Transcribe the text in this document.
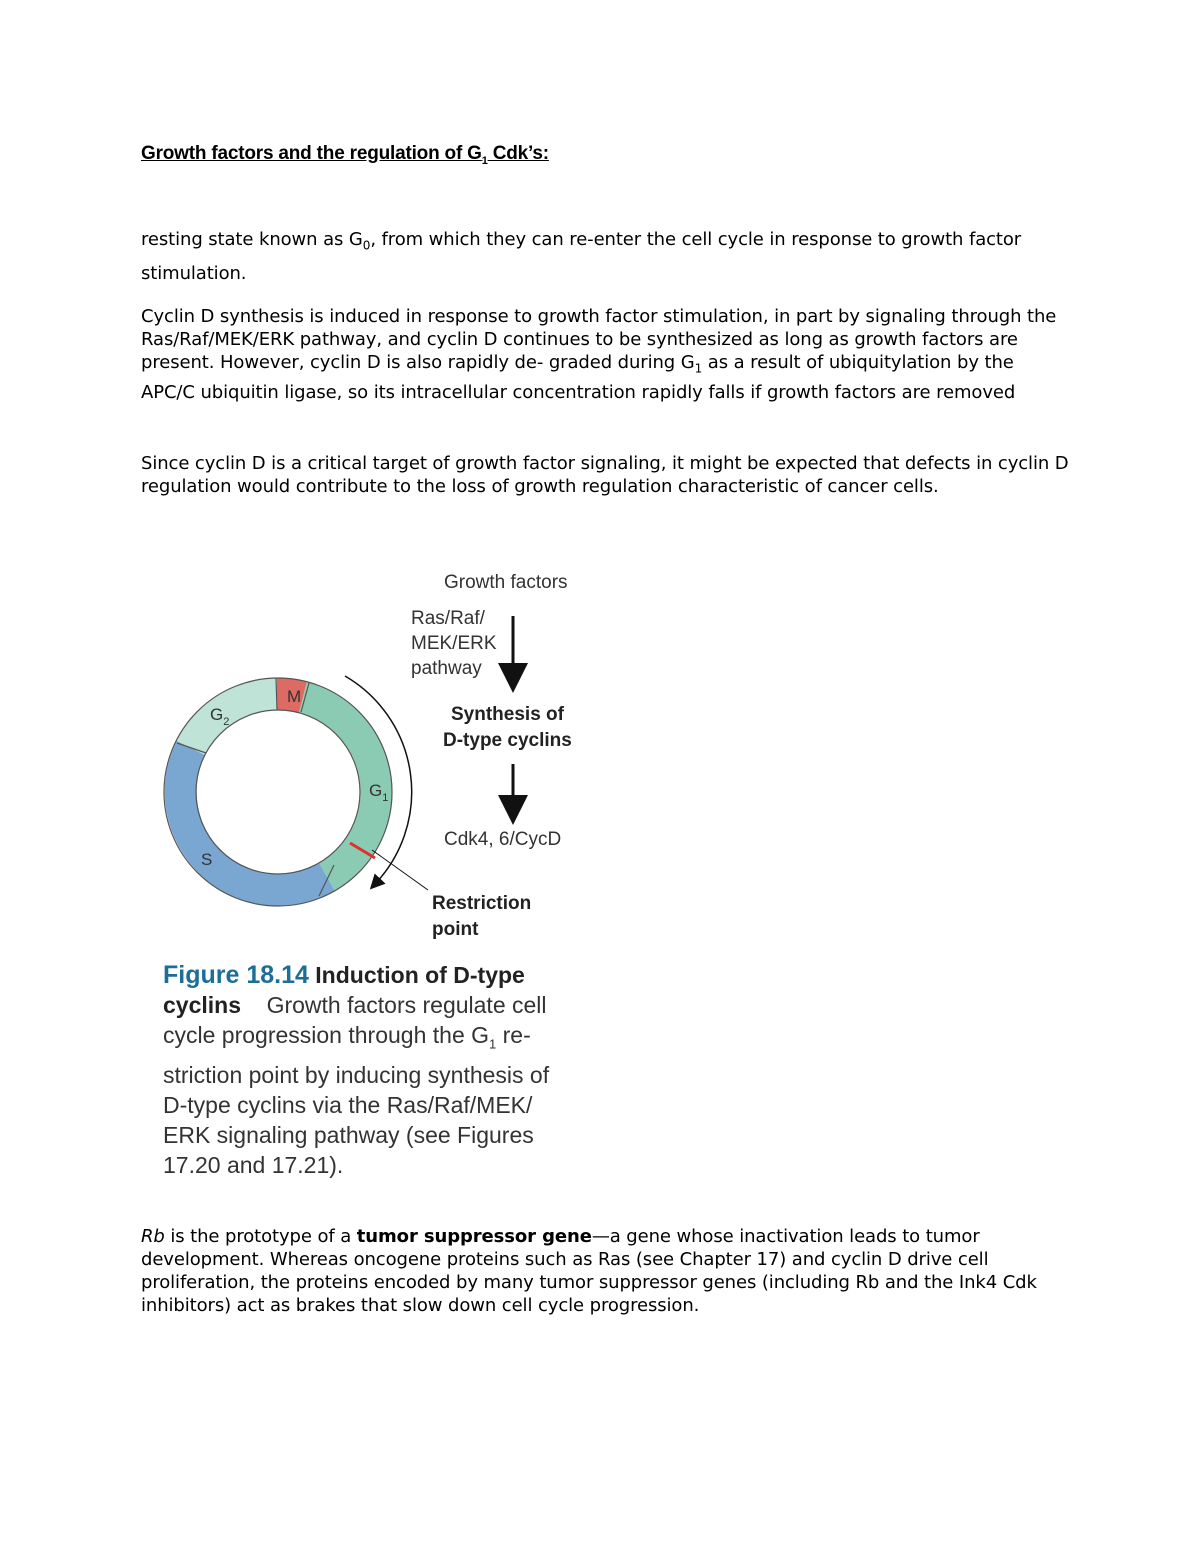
Growth factors and the regulation of $G_1$ Cdk’s:

resting state known as $G_0$, from which they can re-enter the cell cycle in response to growth factor stimulation.

Cyclin D synthesis is induced in response to growth factor stimulation, in part by signaling through the Ras/Raf/MEK/ERK pathway, and cyclin D continues to be synthesized as long as growth factors are present. However, cyclin D is also rapidly de- graded during $G_1$ as a result of ubiquitylation by the APC/C ubiquitin ligase, so its intracellular concentration rapidly falls if growth factors are removed

Since cyclin D is a critical target of growth factor signaling, it might be expected that defects in cyclin D regulation would contribute to the loss of growth regulation characteristic of cancer cells.

Growth factors
Ras/Raf/
MEK/ERK
pathway
Cdk4, 6/CycD
Synthesis of
D-type cyclins
Restriction
point
M
$G_2$
$G_1$
S

Figure 18.14 Induction of D-type cyclins Growth factors regulate cell cycle progression through the $G_1$ re- striction point by inducing synthesis of D-type cyclins via the Ras/Raf/MEK/ ERK signaling pathway (see Figures 17.20 and 17.21).

Rb is the prototype of a tumor suppressor gene—a gene whose inactivation leads to tumor development. Whereas oncogene proteins such as Ras (see Chapter 17) and cyclin D drive cell proliferation, the proteins encoded by many tumor suppressor genes (including Rb and the Ink4 Cdk inhibitors) act as brakes that slow down cell cycle progression.
